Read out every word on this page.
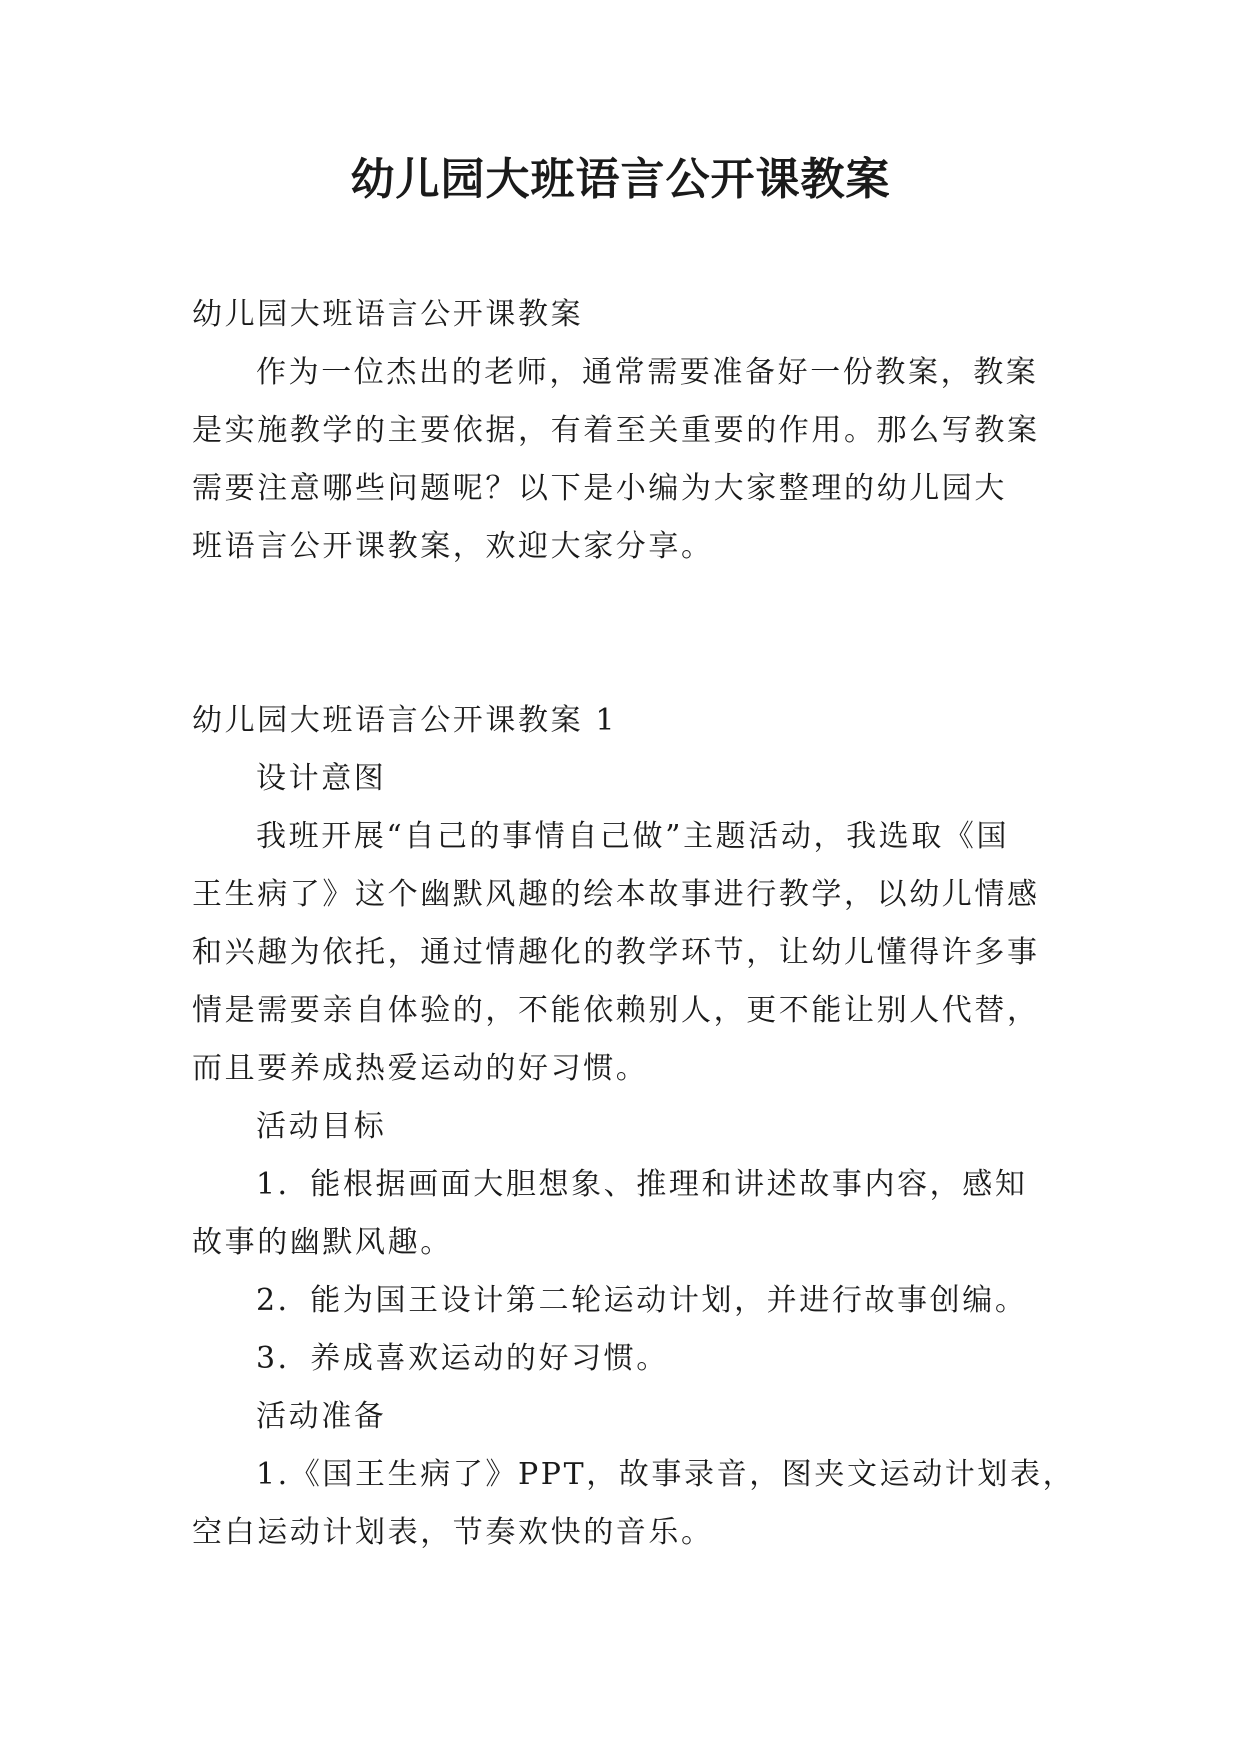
幼儿园大班语言公开课教案

幼儿园大班语言公开课教案

作为一位杰出的老师，通常需要准备好一份教案，教案

是实施教学的主要依据，有着至关重要的作用。那么写教案

需要注意哪些问题呢？以下是小编为大家整理的幼儿园大

班语言公开课教案，欢迎大家分享。

幼儿园大班语言公开课教案 1

设计意图

我班开展“自己的事情自己做”主题活动，我选取《国

王生病了》这个幽默风趣的绘本故事进行教学，以幼儿情感

和兴趣为依托，通过情趣化的教学环节，让幼儿懂得许多事

情是需要亲自体验的，不能依赖别人，更不能让别人代替，

而且要养成热爱运动的好习惯。

活动目标

1．能根据画面大胆想象、推理和讲述故事内容，感知

故事的幽默风趣。

2．能为国王设计第二轮运动计划，并进行故事创编。

3．养成喜欢运动的好习惯。

活动准备

1.《国王生病了》PPT，故事录音，图夹文运动计划表，

空白运动计划表，节奏欢快的音乐。
